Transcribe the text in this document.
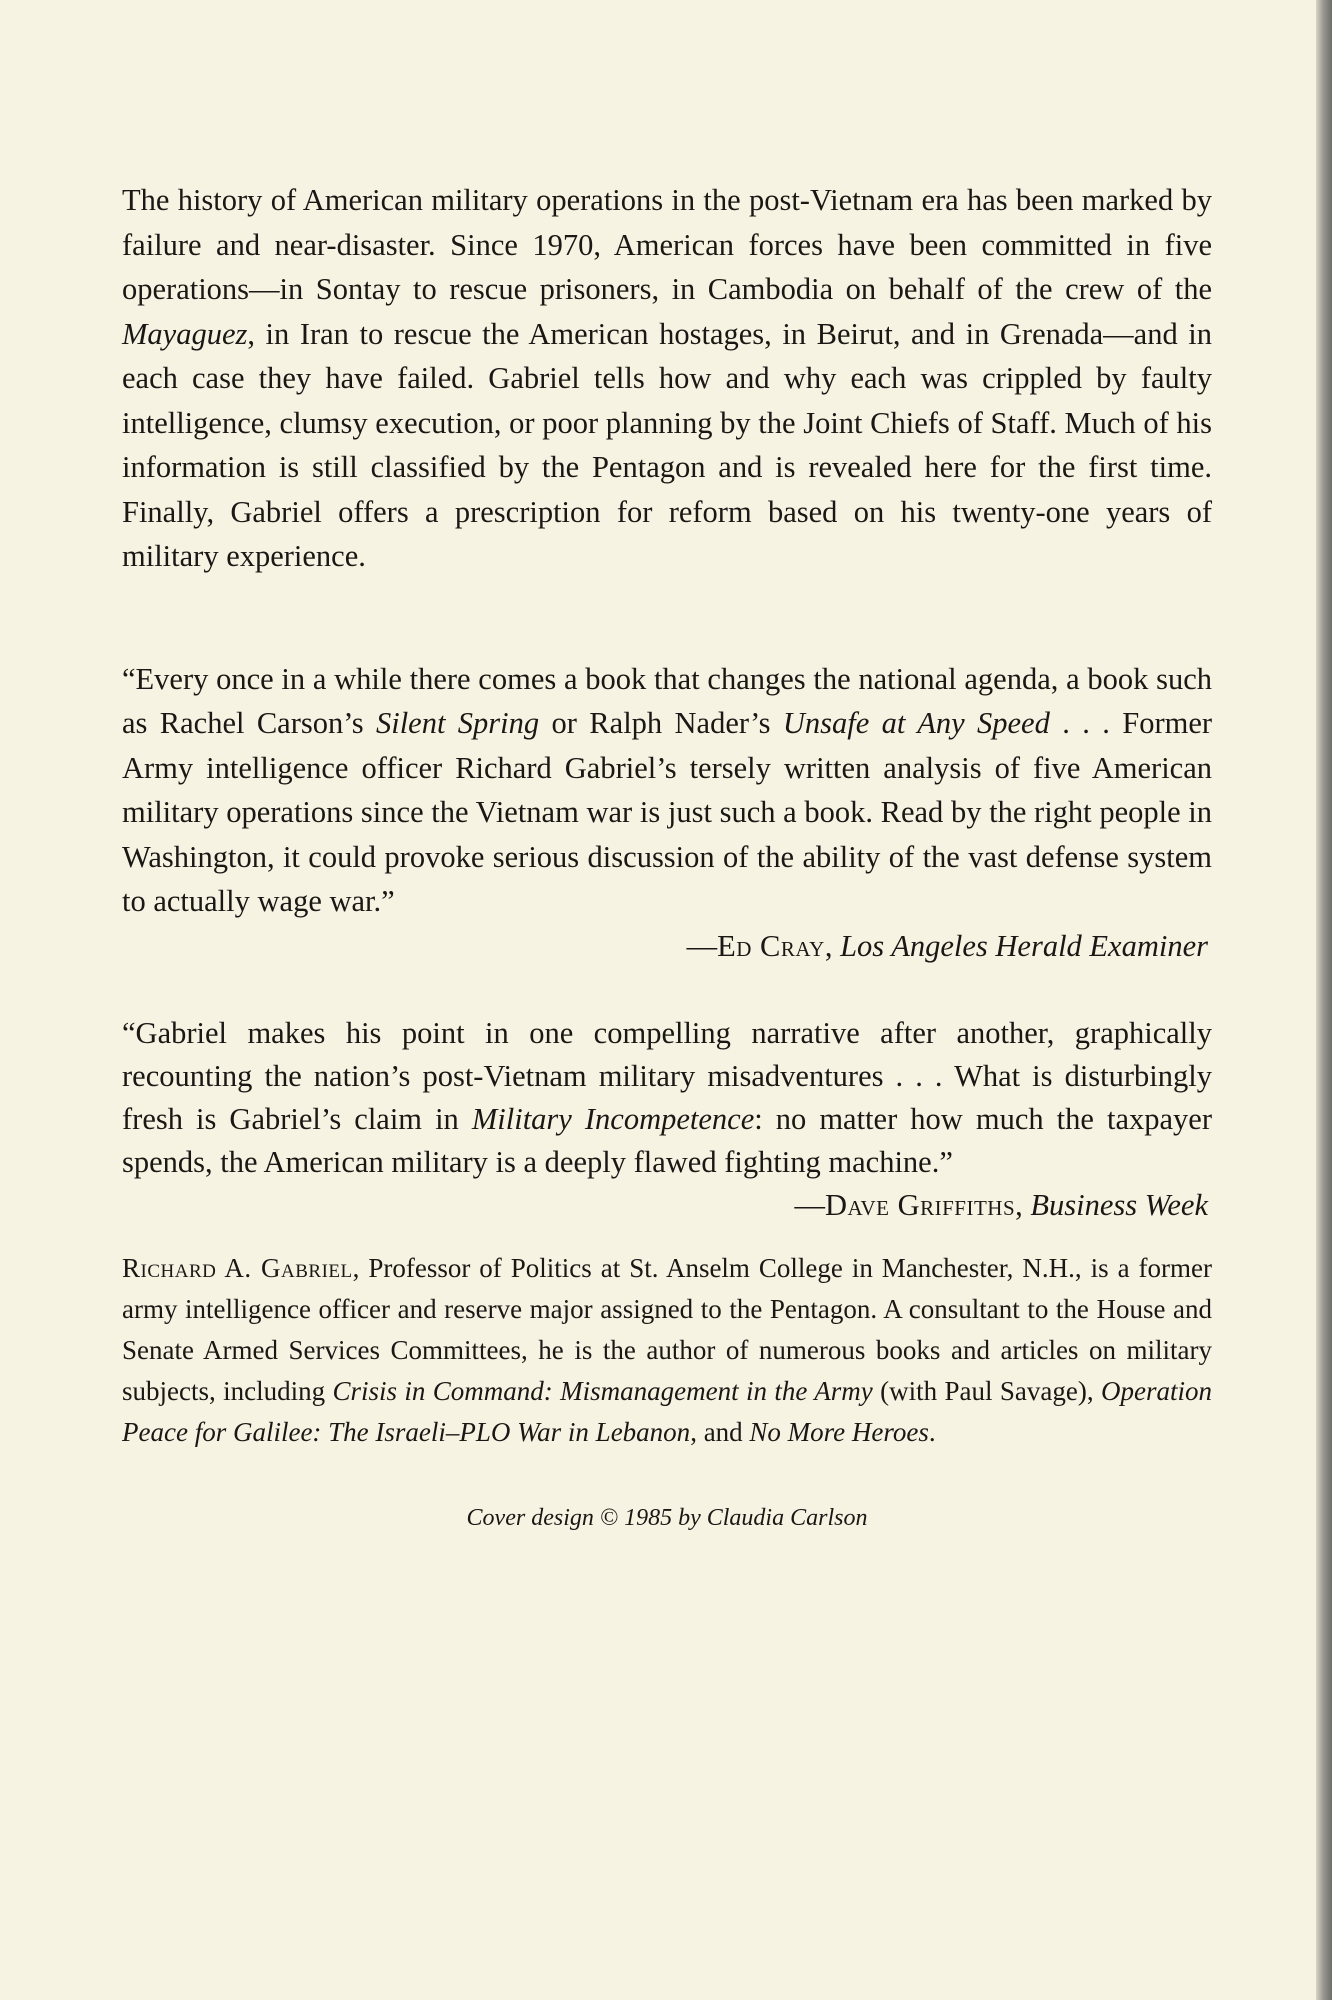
The history of American military operations in the post-Vietnam era has been marked by failure and near-disaster. Since 1970, American forces have been committed in five operations—in Sontay to rescue prisoners, in Cambodia on behalf of the crew of the Mayaguez, in Iran to rescue the American hostages, in Beirut, and in Grenada—and in each case they have failed. Gabriel tells how and why each was crippled by faulty intelligence, clumsy execution, or poor planning by the Joint Chiefs of Staff. Much of his information is still classified by the Pentagon and is revealed here for the first time. Finally, Gabriel offers a prescription for reform based on his twenty-one years of military experience.

“Every once in a while there comes a book that changes the national agenda, a book such as Rachel Carson’s Silent Spring or Ralph Nader’s Unsafe at Any Speed . . . Former Army intelligence officer Richard Gabriel’s tersely written analysis of five American military operations since the Vietnam war is just such a book. Read by the right people in Washington, it could provoke serious discussion of the ability of the vast defense system to actually wage war.”

—Ed Cray, Los Angeles Herald Examiner

“Gabriel makes his point in one compelling narrative after another, graphically recounting the nation’s post-Vietnam military misadventures . . . What is disturbingly fresh is Gabriel’s claim in Military Incompetence: no matter how much the taxpayer spends, the American military is a deeply flawed fighting machine.”
—Dave Griffiths, Business Week

Richard A. Gabriel, Professor of Politics at St. Anselm College in Manchester, N.H., is a former army intelligence officer and reserve major assigned to the Pentagon. A consultant to the House and Senate Armed Services Committees, he is the author of numerous books and articles on military subjects, including Crisis in Command: Mismanagement in the Army (with Paul Savage), Operation Peace for Galilee: The Israeli–PLO War in Lebanon, and No More Heroes.

Cover design © 1985 by Claudia Carlson
